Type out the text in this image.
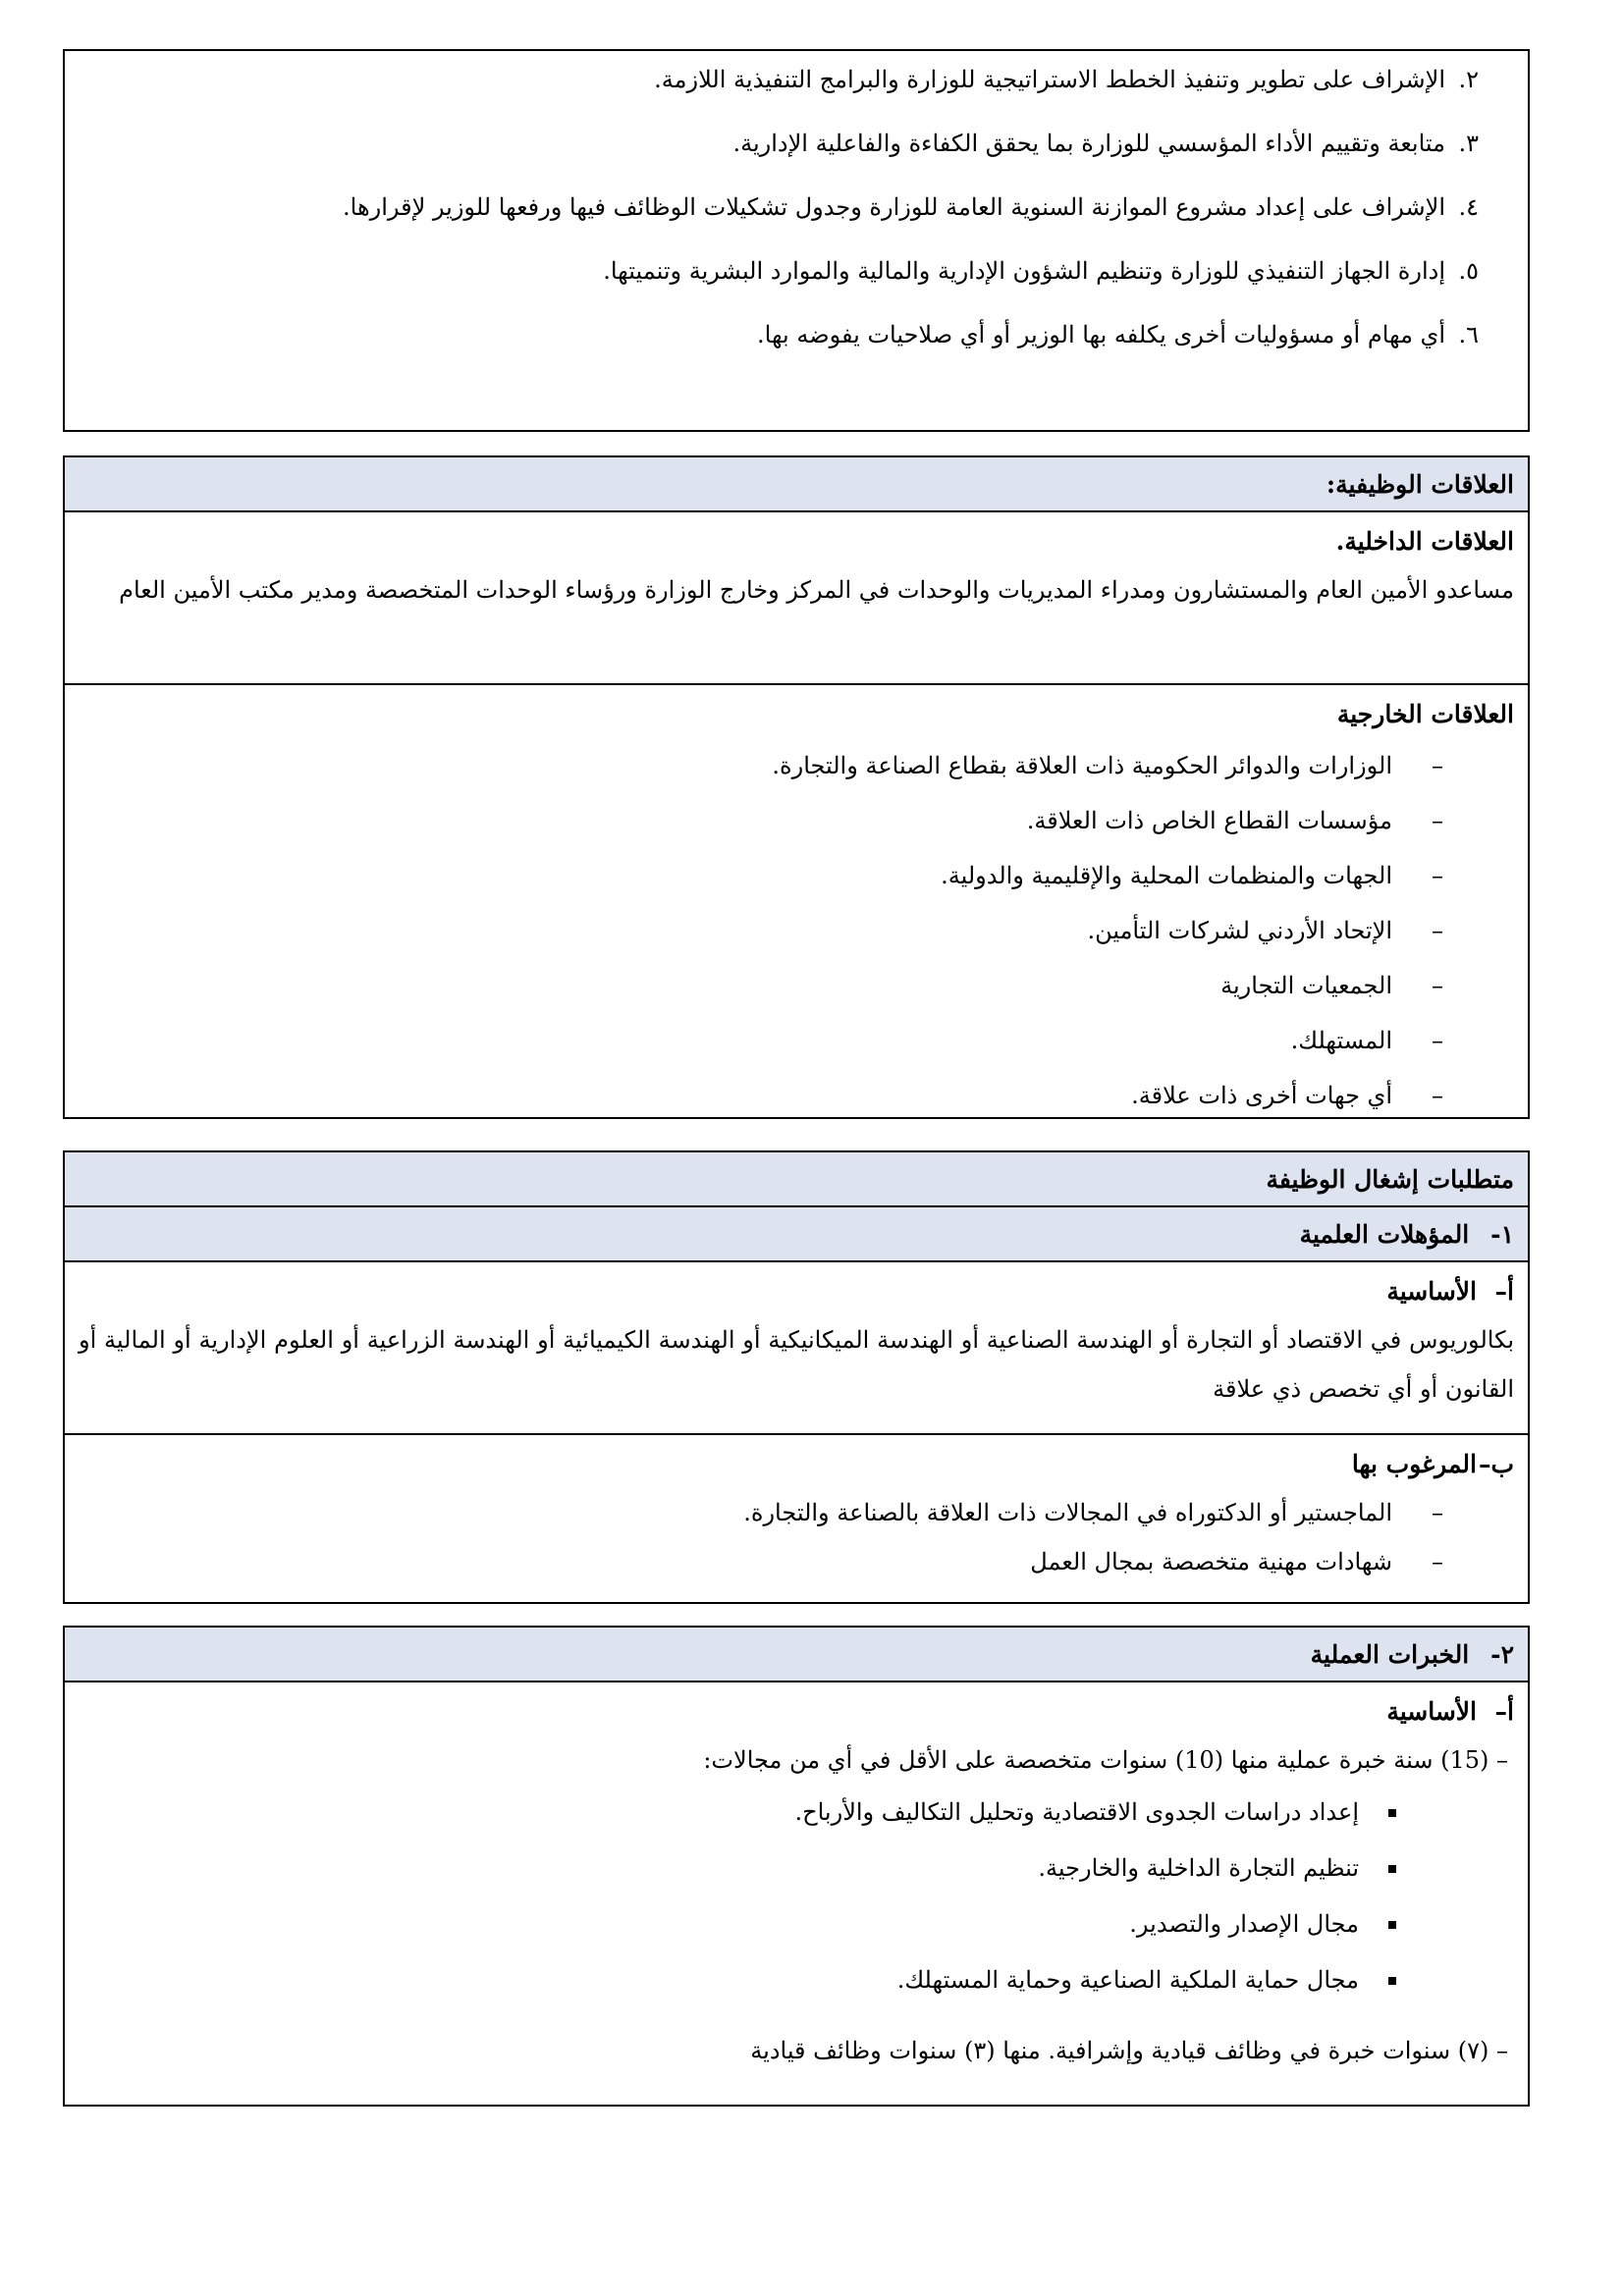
٢.
الإشراف على تطوير وتنفيذ الخطط الاستراتيجية للوزارة والبرامج التنفيذية اللازمة.
٣.
متابعة وتقييم الأداء المؤسسي للوزارة بما يحقق الكفاءة والفاعلية الإدارية.
٤.
الإشراف على إعداد مشروع الموازنة السنوية العامة للوزارة وجدول تشكيلات الوظائف فيها ورفعها للوزير لإقرارها.
٥.
إدارة الجهاز التنفيذي للوزارة وتنظيم الشؤون الإدارية والمالية والموارد البشرية وتنميتها.
٦.
أي مهام أو مسؤوليات أخرى يكلفه بها الوزير أو أي صلاحيات يفوضه بها.
العلاقات الوظيفية:
العلاقات الداخلية.
مساعدو الأمين العام والمستشارون ومدراء المديريات والوحدات في المركز وخارج الوزارة ورؤساء الوحدات المتخصصة ومدير مكتب الأمين العام
العلاقات الخارجية
–
الوزارات والدوائر الحكومية ذات العلاقة بقطاع الصناعة والتجارة.
–
مؤسسات القطاع الخاص ذات العلاقة.
–
الجهات والمنظمات المحلية والإقليمية والدولية.
–
الإتحاد الأردني لشركات التأمين.
–
الجمعيات التجارية
–
المستهلك.
–
أي جهات أخرى ذات علاقة.
متطلبات إشغال الوظيفة
١-
المؤهلات العلمية
أ–
الأساسية
بكالوريوس في الاقتصاد أو التجارة أو الهندسة الصناعية أو الهندسة الميكانيكية أو الهندسة الكيميائية أو الهندسة الزراعية أو العلوم الإدارية أو المالية أو القانون أو أي تخصص ذي علاقة
ب–
المرغوب بها
–
الماجستير أو الدكتوراه في المجالات ذات العلاقة بالصناعة والتجارة.
–
شهادات مهنية متخصصة بمجال العمل
٢-
الخبرات العملية
أ–
الأساسية
– (15) سنة خبرة عملية منها (10) سنوات متخصصة على الأقل في أي من مجالات:
إعداد دراسات الجدوى الاقتصادية وتحليل التكاليف والأرباح.
تنظيم التجارة الداخلية والخارجية.
مجال الإصدار والتصدير.
مجال حماية الملكية الصناعية وحماية المستهلك.
– (٧) سنوات خبرة في وظائف قيادية وإشرافية. منها (٣) سنوات وظائف قيادية
